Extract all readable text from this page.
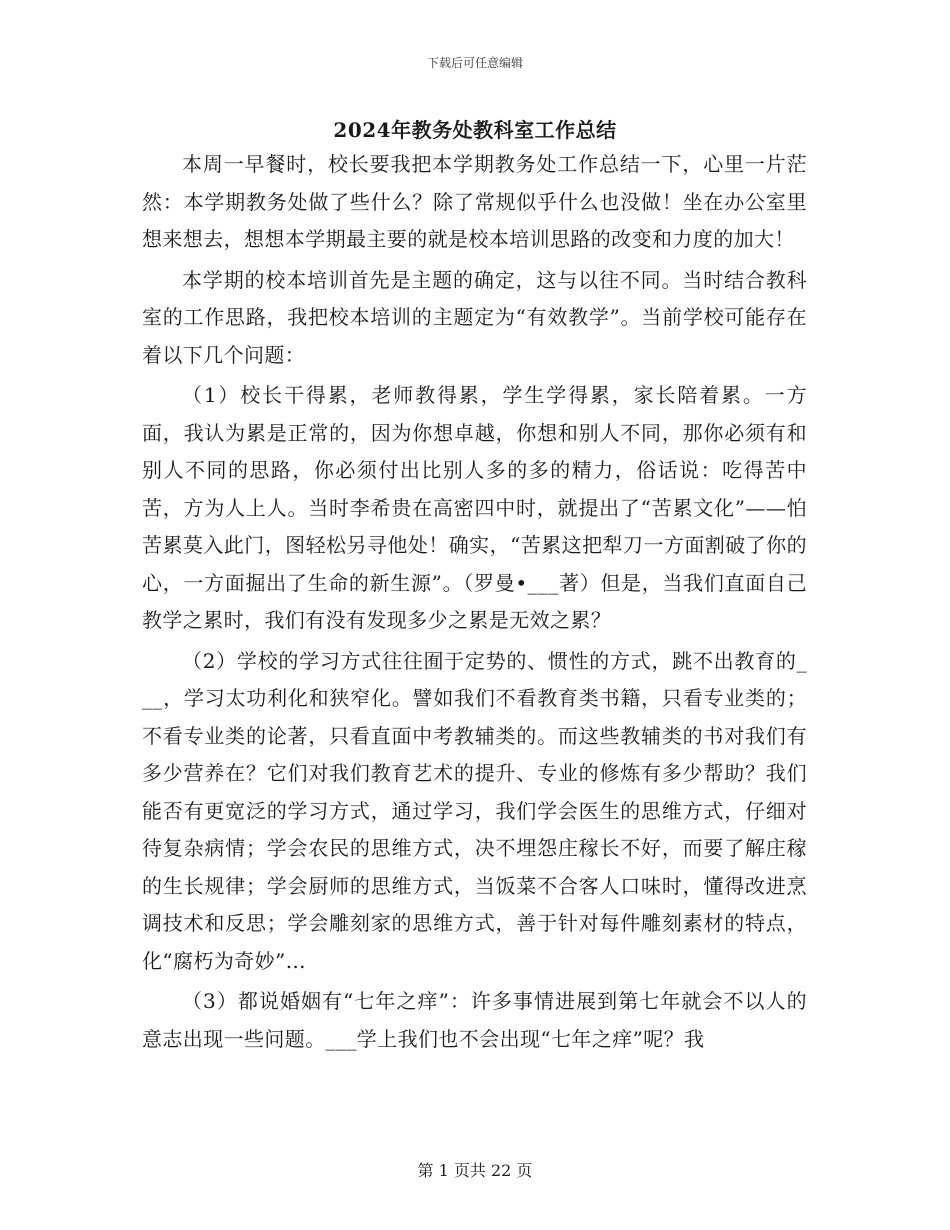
下载后可任意编辑
2024年教务处教科室工作总结

本周一早餐时，校长要我把本学期教务处工作总结一下，心里一片茫然：本学期教务处做了些什么？除了常规似乎什么也没做！坐在办公室里想来想去，想想本学期最主要的就是校本培训思路的改变和力度的加大！

本学期的校本培训首先是主题的确定，这与以往不同。当时结合教科室的工作思路，我把校本培训的主题定为“有效教学”。当前学校可能存在着以下几个问题：

（1）校长干得累，老师教得累，学生学得累，家长陪着累。一方面，我认为累是正常的，因为你想卓越，你想和别人不同，那你必须有和别人不同的思路，你必须付出比别人多的多的精力，俗话说：吃得苦中苦，方为人上人。当时李希贵在高密四中时，就提出了“苦累文化”——怕苦累莫入此门，图轻松另寻他处！确实，“苦累这把犁刀一方面割破了你的心，一方面掘出了生命的新生源”。（罗曼•___著）但是，当我们直面自己教学之累时，我们有没有发现多少之累是无效之累？

（2）学校的学习方式往往囿于定势的、惯性的方式，跳不出教育的___，学习太功利化和狭窄化。譬如我们不看教育类书籍，只看专业类的；不看专业类的论著，只看直面中考教辅类的。而这些教辅类的书对我们有多少营养在？它们对我们教育艺术的提升、专业的修炼有多少帮助？我们能否有更宽泛的学习方式，通过学习，我们学会医生的思维方式，仔细对待复杂病情；学会农民的思维方式，决不埋怨庄稼长不好，而要了解庄稼的生长规律；学会厨师的思维方式，当饭菜不合客人口味时，懂得改进烹调技术和反思；学会雕刻家的思维方式，善于针对每件雕刻素材的特点，化“腐朽为奇妙”…

（3）都说婚姻有“七年之痒”：许多事情进展到第七年就会不以人的意志出现一些问题。___学上我们也不会出现“七年之痒”呢？我

第 1 页共 22 页
